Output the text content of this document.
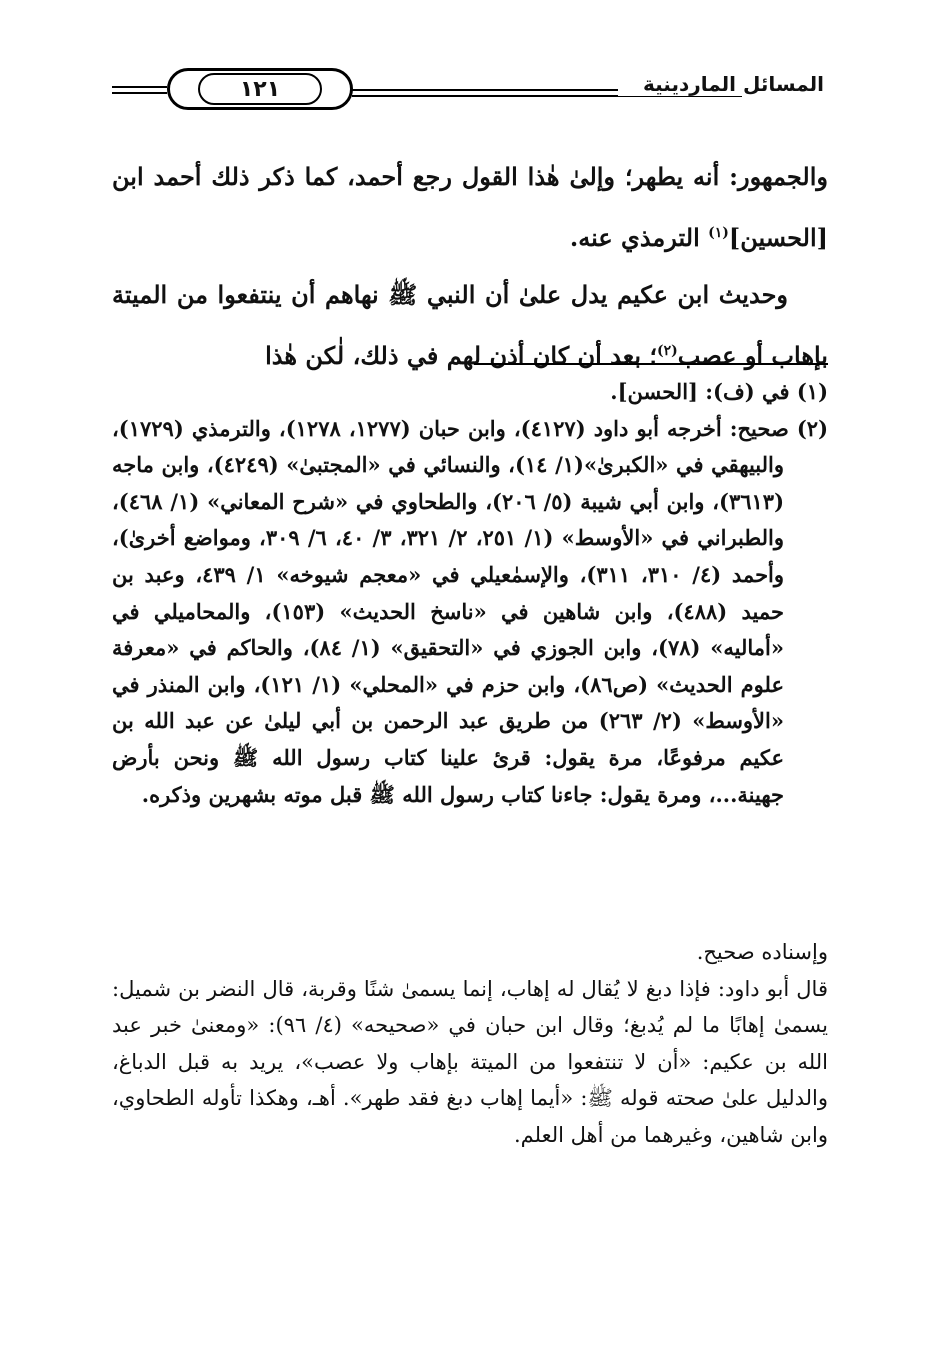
١٢١	المسائل الماردينية

والجمهور: أنه يطهر؛ وإلىٰ هٰذا القول رجع أحمد، كما ذكر ذلك أحمد ابن [الحسين]$^{(١)}$ الترمذي عنه.

وحديث ابن عكيم يدل علىٰ أن النبي ﷺ نهاهم أن ينتفعوا من الميتة بإهاب أو عصب$^{(٢)}$؛ بعد أن كان أذن لهم في ذلك، لٰكن هٰذا

(١) في (ف): [الحسن].

(٢) صحيح: أخرجه أبو داود (٤١٢٧)، وابن حبان (١٢٧٧، ١٢٧٨)، والترمذي (١٧٢٩)، والبيهقي في «الكبرىٰ»(١/ ١٤)، والنسائي في «المجتبىٰ» (٤٢٤٩)، وابن ماجه (٣٦١٣)، وابن أبي شيبة (٥/ ٢٠٦)، والطحاوي في «شرح المعاني» (١/ ٤٦٨)، والطبراني في «الأوسط» (١/ ٢٥١، ٢/ ٣٢١، ٣/ ٤٠، ٦/ ٣٠٩، ومواضع أخرىٰ)، وأحمد (٤/ ٣١٠، ٣١١)، والإسمٰعيلي في «معجم شيوخه» ١/ ٤٣٩، وعبد بن حميد (٤٨٨)، وابن شاهين في «ناسخ الحديث» (١٥٣)، والمحاميلي في «أماليه» (٧٨)، وابن الجوزي في «التحقيق» (١/ ٨٤)، والحاكم في «معرفة علوم الحديث» (ص٨٦)، وابن حزم في «المحلي» (١/ ١٢١)، وابن المنذر في «الأوسط» (٢/ ٢٦٣) من طريق عبد الرحمن بن أبي ليلىٰ عن عبد الله بن عكيم مرفوعًا، مرة يقول: قرئ علينا كتاب رسول الله ﷺ ونحن بأرض جهينة...، ومرة يقول: جاءنا كتاب رسول الله ﷺ قبل موته بشهرين وذكره.

وإسناده صحيح.

قال أبو داود: فإذا دبغ لا يُقال له إهاب، إنما يسمىٰ شنًا وقربة، قال النضر بن شميل: يسمىٰ إهابًا ما لم يُدبغ؛ وقال ابن حبان في «صحيحه» (٤/ ٩٦): «ومعنىٰ خبر عبد الله بن عكيم: «أن لا تنتفعوا من الميتة بإهاب ولا عصب»، يريد به قبل الدباغ، والدليل علىٰ صحته قوله ﷺ: «أيما إهاب دبغ فقد طهر». أهـ، وهكذا تأوله الطحاوي، وابن شاهين، وغيرهما من أهل العلم.
